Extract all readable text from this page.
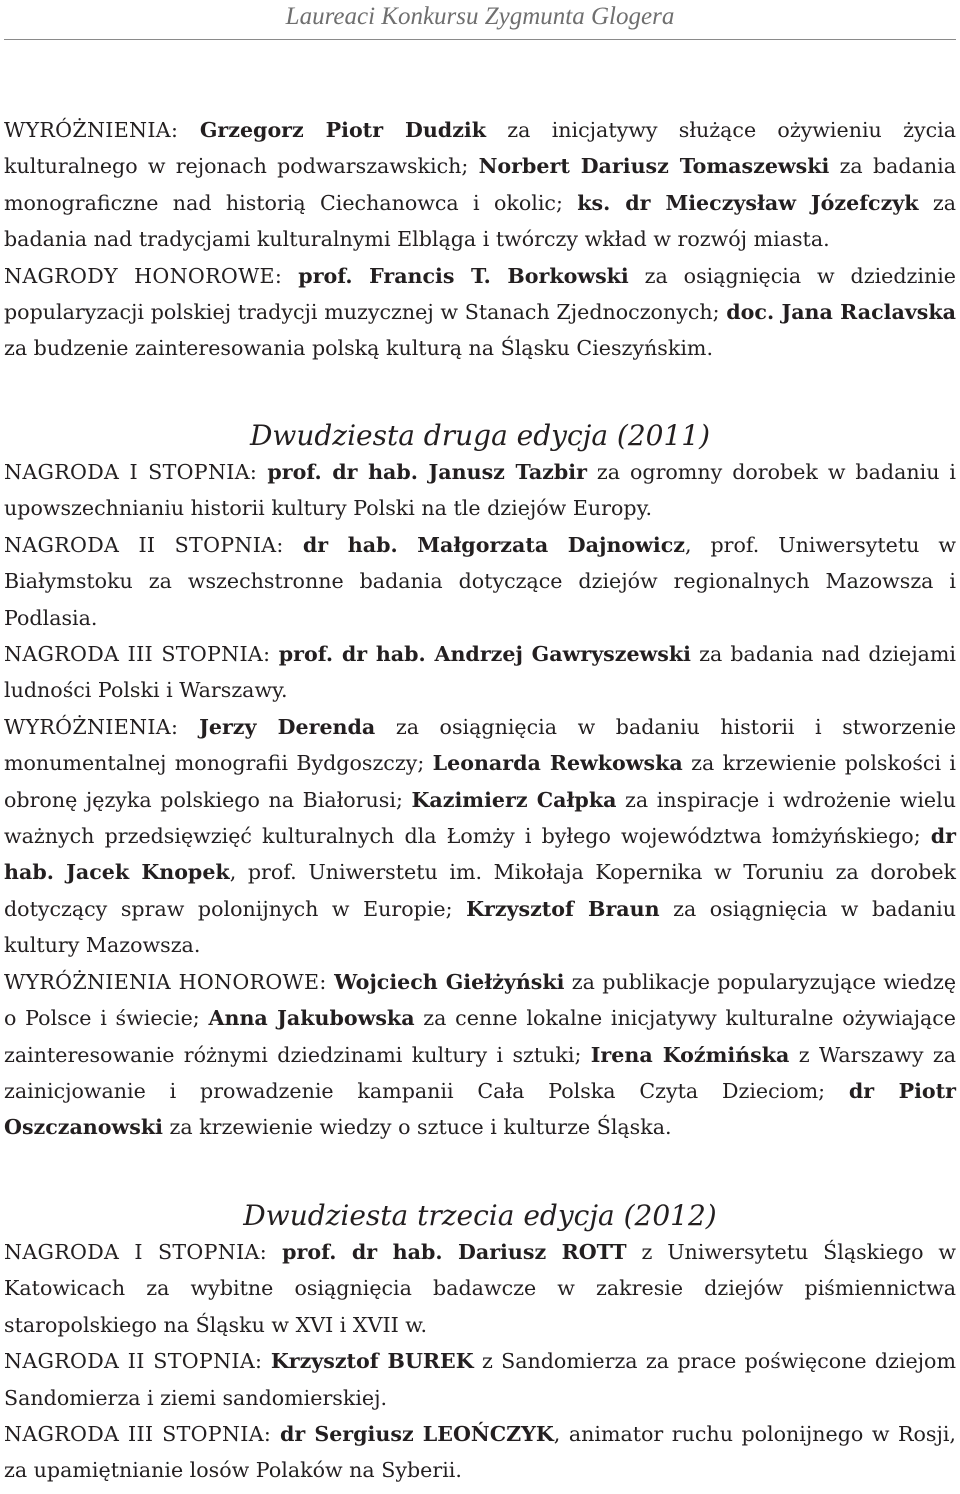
Laureaci Konkursu Zygmunta Glogera

WYRÓŻNIENIA: Grzegorz Piotr Dudzik za inicjatywy służące ożywieniu życia kulturalnego w rejonach podwarszawskich; Norbert Dariusz Tomaszewski za badania monograficzne nad historią Ciechanowca i okolic; ks. dr Mieczysław Józefczyk za badania nad tradycjami kulturalnymi Elbląga i twórczy wkład w rozwój miasta.

NAGRODY HONOROWE: prof. Francis T. Borkowski za osiągnięcia w dziedzinie popularyzacji polskiej tradycji muzycznej w Stanach Zjednoczonych; doc. Jana Raclavska za budzenie zainteresowania polską kulturą na Śląsku Cieszyńskim.

Dwudziesta druga edycja (2011)

NAGRODA I STOPNIA: prof. dr hab. Janusz Tazbir za ogromny dorobek w badaniu i upowszechnianiu historii kultury Polski na tle dziejów Europy.

NAGRODA II STOPNIA: dr hab. Małgorzata Dajnowicz, prof. Uniwersytetu w Białymstoku za wszechstronne badania dotyczące dziejów regionalnych Mazowsza i Podlasia.

NAGRODA III STOPNIA: prof. dr hab. Andrzej Gawryszewski za badania nad dziejami ludności Polski i Warszawy.

WYRÓŻNIENIA: Jerzy Derenda za osiągnięcia w badaniu historii i stworzenie monumentalnej monografii Bydgoszczy; Leonarda Rewkowska za krzewienie polskości i obronę języka polskiego na Białorusi; Kazimierz Całpka za inspiracje i wdrożenie wielu ważnych przedsięwzięć kulturalnych dla Łomży i byłego województwa łomżyńskiego; dr hab. Jacek Knopek, prof. Uniwerstetu im. Mikołaja Kopernika w Toruniu za dorobek dotyczący spraw polonijnych w Europie; Krzysztof Braun za osiągnięcia w badaniu kultury Mazowsza.

WYRÓŻNIENIA HONOROWE: Wojciech Giełżyński za publikacje popularyzujące wiedzę o Polsce i świecie; Anna Jakubowska za cenne lokalne inicjatywy kulturalne ożywiające zainteresowanie różnymi dziedzinami kultury i sztuki; Irena Koźmińska z Warszawy za zainicjowanie i prowadzenie kampanii Cała Polska Czyta Dzieciom; dr Piotr Oszczanowski za krzewienie wiedzy o sztuce i kulturze Śląska.

Dwudziesta trzecia edycja (2012)

NAGRODA I STOPNIA: prof. dr hab. Dariusz ROTT z Uniwersytetu Śląskiego w Katowicach za wybitne osiągnięcia badawcze w zakresie dziejów piśmiennictwa staropolskiego na Śląsku w XVI i XVII w.

NAGRODA II STOPNIA: Krzysztof BUREK z Sandomierza za prace poświęcone dziejom Sandomierza i ziemi sandomierskiej.

NAGRODA III STOPNIA: dr Sergiusz LEOŃCZYK, animator ruchu polonijnego w Rosji, za upamiętnianie losów Polaków na Syberii.
